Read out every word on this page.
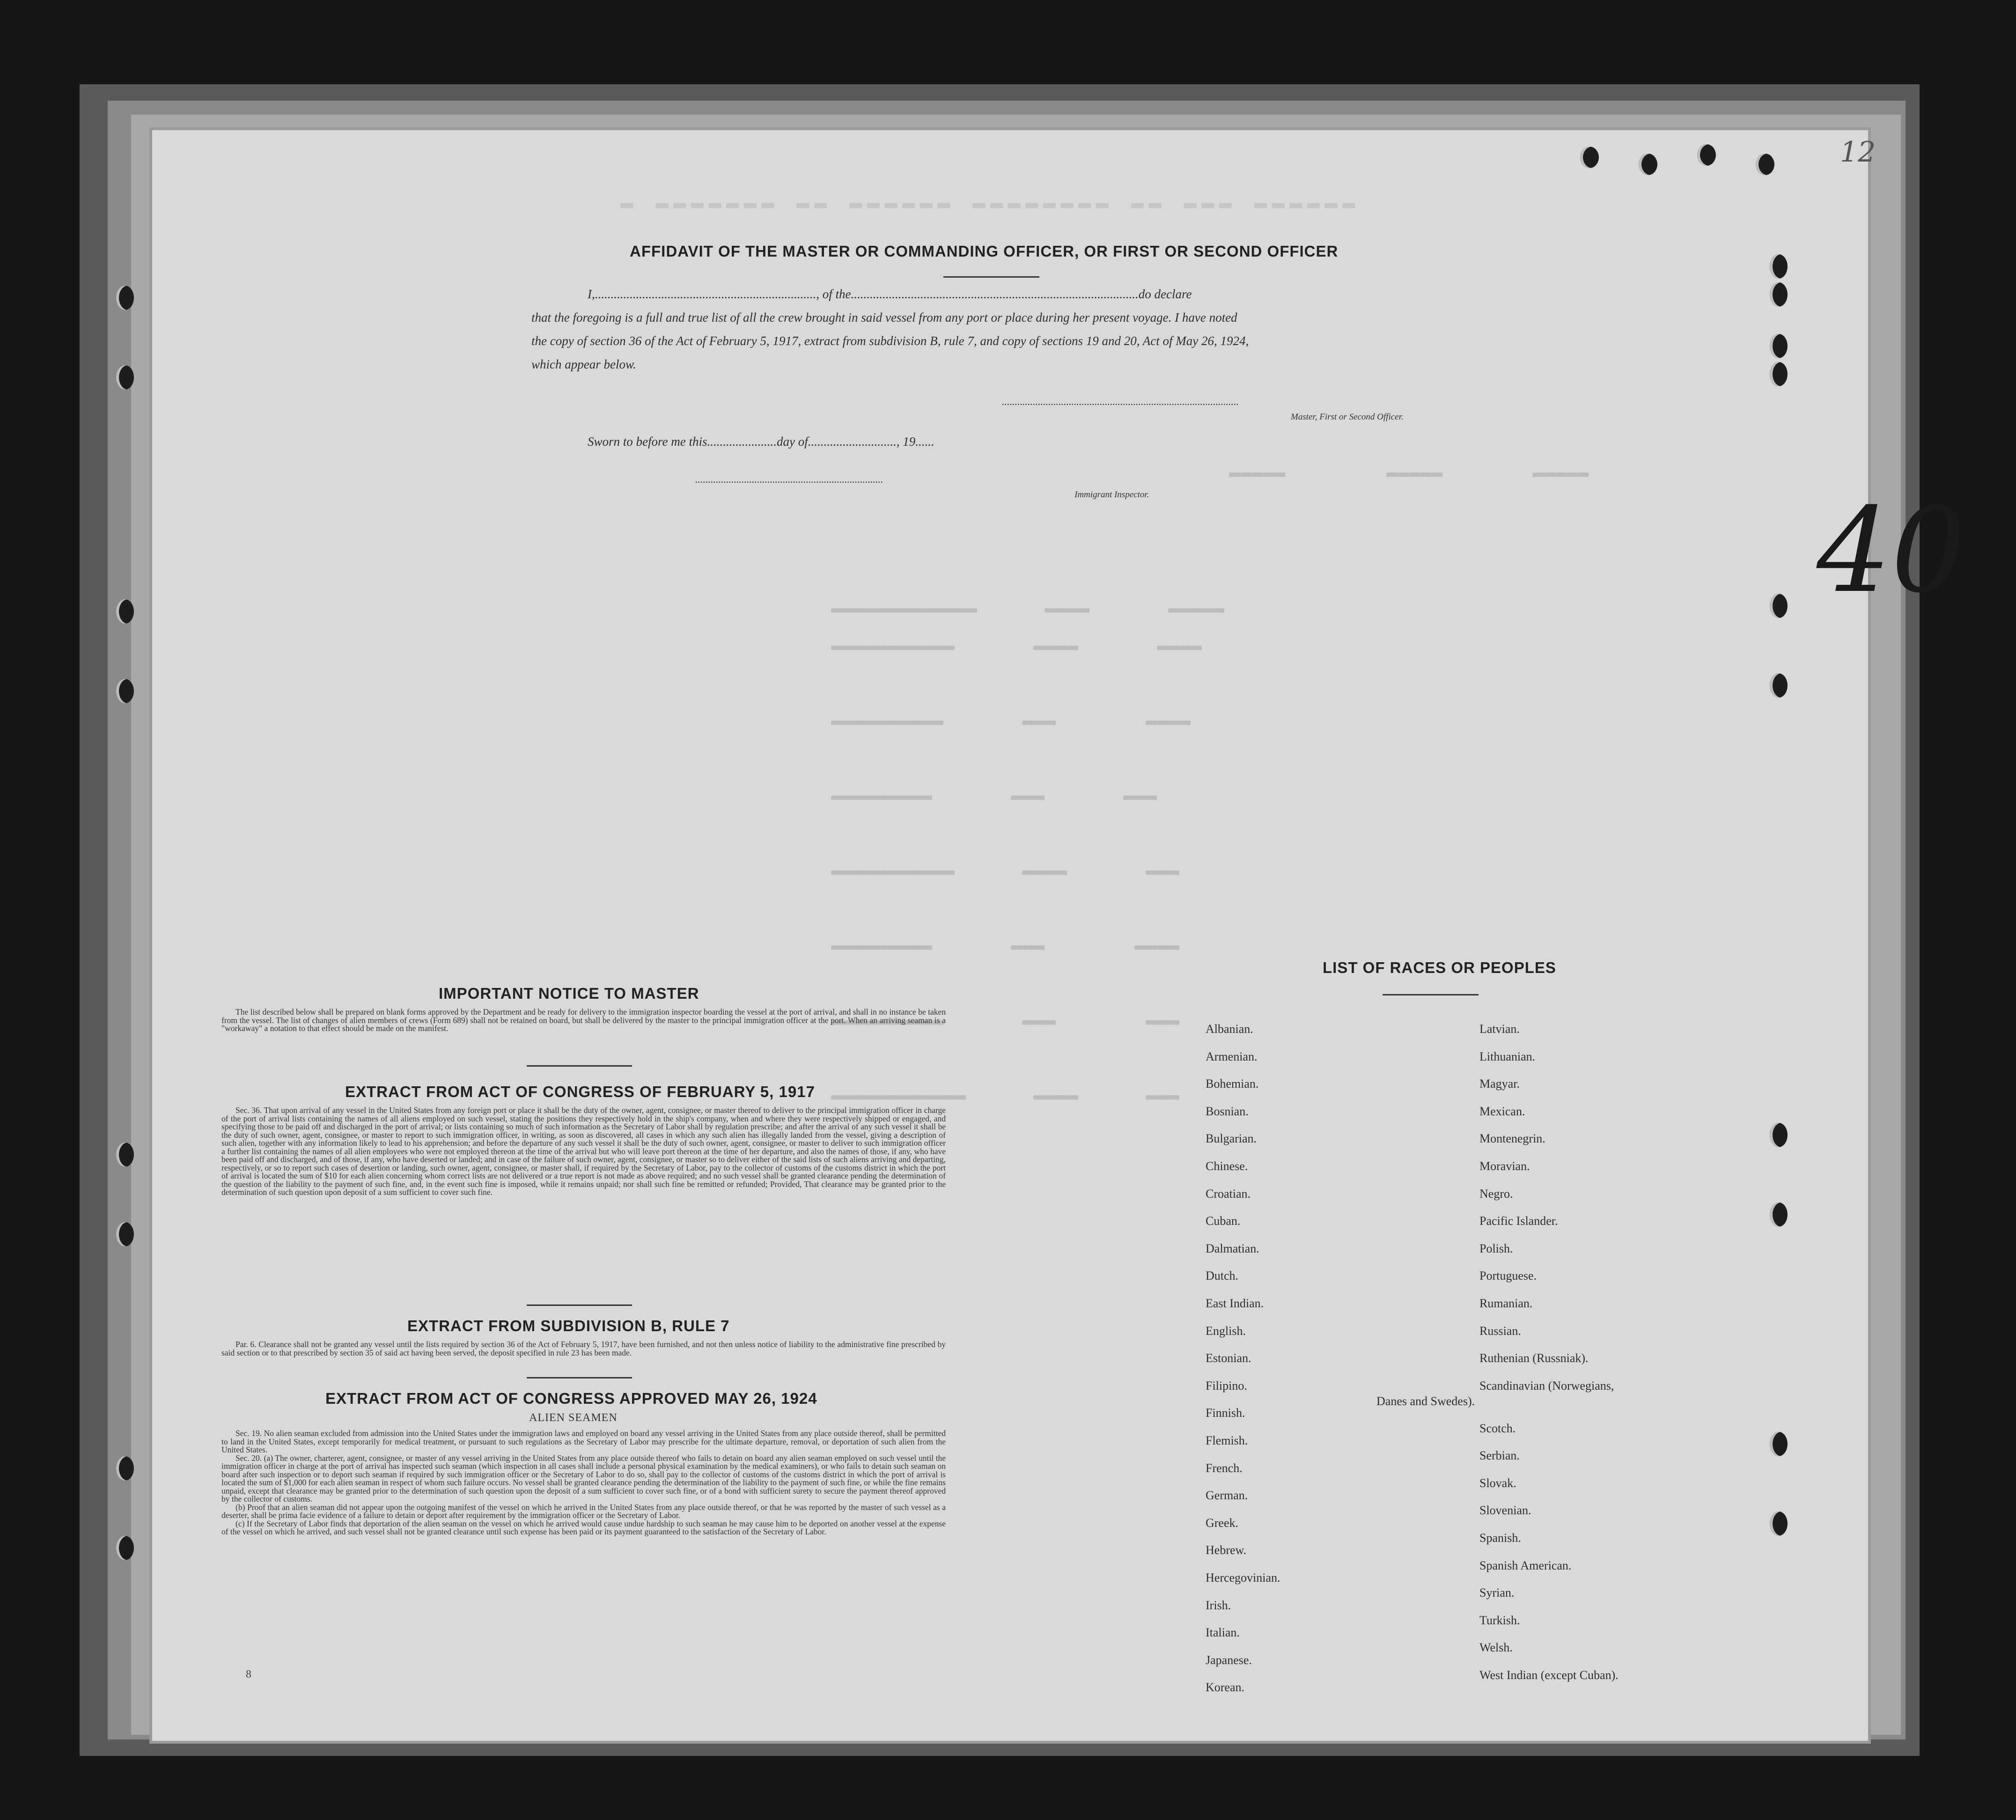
▬ ▬▬▬▬▬▬▬ ▬▬ ▬▬▬▬▬▬ ▬▬▬▬▬▬▬▬ ▬▬ ▬▬▬ ▬▬▬▬▬▬
▬▬▬▬▬         ▬▬▬▬▬        ▬▬▬▬▬
▬▬▬▬▬▬▬▬▬▬▬▬▬      ▬▬▬▬       ▬▬▬▬▬
▬▬▬▬▬▬▬▬▬▬▬       ▬▬▬▬       ▬▬▬▬
▬▬▬▬▬▬▬▬▬▬       ▬▬▬        ▬▬▬▬
▬▬▬▬▬▬▬▬▬       ▬▬▬       ▬▬▬
▬▬▬▬▬▬▬▬▬▬▬      ▬▬▬▬       ▬▬▬
▬▬▬▬▬▬▬▬▬       ▬▬▬        ▬▬▬▬
▬▬▬▬▬▬▬▬▬▬       ▬▬▬        ▬▬▬
▬▬▬▬▬▬▬▬▬▬▬▬      ▬▬▬▬      ▬▬▬
AFFIDAVIT OF THE MASTER OR COMMANDING OFFICER, OR FIRST OR SECOND OFFICER
I,......................................................................, of the...........................................................................................do declare
that the foregoing is a full and true list of all the crew brought in said vessel from any port or place during her present voyage. I have noted
the copy of section 36 of the Act of February 5, 1917, extract from subdivision B, rule 7, and copy of sections 19 and 20, Act of May 26, 1924,
which appear below.
............................................................................................
Master, First or Second Officer.
Sworn to before me this......................day of............................, 19......
.........................................................................
Immigrant Inspector.
IMPORTANT NOTICE TO MASTER

The list described below shall be prepared on blank forms approved by the Department and be ready for delivery to the immigration inspector boarding the vessel at the port of arrival, and shall in no instance be taken from the vessel. The list of changes of alien members of crews (Form 689) shall not be retained on board, but shall be delivered by the master to the principal immigration officer at the port. When an arriving seaman is a "workaway" a notation to that effect should be made on the manifest.

EXTRACT FROM ACT OF CONGRESS OF FEBRUARY 5, 1917

Sec. 36. That upon arrival of any vessel in the United States from any foreign port or place it shall be the duty of the owner, agent, consignee, or master thereof to deliver to the principal immigration officer in charge of the port of arrival lists containing the names of all aliens employed on such vessel, stating the positions they respectively hold in the ship's company, when and where they were respectively shipped or engaged, and specifying those to be paid off and discharged in the port of arrival; or lists containing so much of such information as the Secretary of Labor shall by regulation prescribe; and after the arrival of any such vessel it shall be the duty of such owner, agent, consignee, or master to report to such immigration officer, in writing, as soon as discovered, all cases in which any such alien has illegally landed from the vessel, giving a description of such alien, together with any information likely to lead to his apprehension; and before the departure of any such vessel it shall be the duty of such owner, agent, consignee, or master to deliver to such immigration officer a further list containing the names of all alien employees who were not employed thereon at the time of the arrival but who will leave port thereon at the time of her departure, and also the names of those, if any, who have been paid off and discharged, and of those, if any, who have deserted or landed; and in case of the failure of such owner, agent, consignee, or master so to deliver either of the said lists of such aliens arriving and departing, respectively, or so to report such cases of desertion or landing, such owner, agent, consignee, or master shall, if required by the Secretary of Labor, pay to the collector of customs of the customs district in which the port of arrival is located the sum of $10 for each alien concerning whom correct lists are not delivered or a true report is not made as above required; and no such vessel shall be granted clearance pending the determination of the question of the liability to the payment of such fine, and, in the event such fine is imposed, while it remains unpaid; nor shall such fine be remitted or refunded; Provided, That clearance may be granted prior to the determination of such question upon deposit of a sum sufficient to cover such fine.

EXTRACT FROM SUBDIVISION B, RULE 7

Par. 6. Clearance shall not be granted any vessel until the lists required by section 36 of the Act of February 5, 1917, have been furnished, and not then unless notice of liability to the administrative fine prescribed by said section or to that prescribed by section 35 of said act having been served, the deposit specified in rule 23 has been made.

EXTRACT FROM ACT OF CONGRESS APPROVED MAY 26, 1924
ALIEN SEAMEN

Sec. 19. No alien seaman excluded from admission into the United States under the immigration laws and employed on board any vessel arriving in the United States from any place outside thereof, shall be permitted to land in the United States, except temporarily for medical treatment, or pursuant to such regulations as the Secretary of Labor may prescribe for the ultimate departure, removal, or deportation of such alien from the United States.

Sec. 20. (a) The owner, charterer, agent, consignee, or master of any vessel arriving in the United States from any place outside thereof who fails to detain on board any alien seaman employed on such vessel until the immigration officer in charge at the port of arrival has inspected such seaman (which inspection in all cases shall include a personal physical examination by the medical examiners), or who fails to detain such seaman on board after such inspection or to deport such seaman if required by such immigration officer or the Secretary of Labor to do so, shall pay to the collector of customs of the customs district in which the port of arrival is located the sum of $1,000 for each alien seaman in respect of whom such failure occurs. No vessel shall be granted clearance pending the determination of the liability to the payment of such fine, or while the fine remains unpaid, except that clearance may be granted prior to the determination of such question upon the deposit of a sum sufficient to cover such fine, or of a bond with sufficient surety to secure the payment thereof approved by the collector of customs.

(b) Proof that an alien seaman did not appear upon the outgoing manifest of the vessel on which he arrived in the United States from any place outside thereof, or that he was reported by the master of such vessel as a deserter, shall be prima facie evidence of a failure to detain or deport after requirement by the immigration officer or the Secretary of Labor.

(c) If the Secretary of Labor finds that deportation of the alien seaman on the vessel on which he arrived would cause undue hardship to such seaman he may cause him to be deported on another vessel at the expense of the vessel on which he arrived, and such vessel shall not be granted clearance until such expense has been paid or its payment guaranteed to the satisfaction of the Secretary of Labor.

8
LIST OF RACES OR PEOPLES
Danes and Swedes).
Albanian.
Armenian.
Bohemian.
Bosnian.
Bulgarian.
Chinese.
Croatian.
Cuban.
Dalmatian.
Dutch.
East Indian.
English.
Estonian.
Filipino.
Finnish.
Flemish.
French.
German.
Greek.
Hebrew.
Hercegovinian.
Irish.
Italian.
Japanese.
Korean.
Latvian.
Lithuanian.
Magyar.
Mexican.
Montenegrin.
Moravian.
Negro.
Pacific Islander.
Polish.
Portuguese.
Rumanian.
Russian.
Ruthenian (Russniak).
Scandinavian (Norwegians,
Scotch.
Serbian.
Slovak.
Slovenian.
Spanish.
Spanish American.
Syrian.
Turkish.
Welsh.
West Indian (except Cuban).
12
40
